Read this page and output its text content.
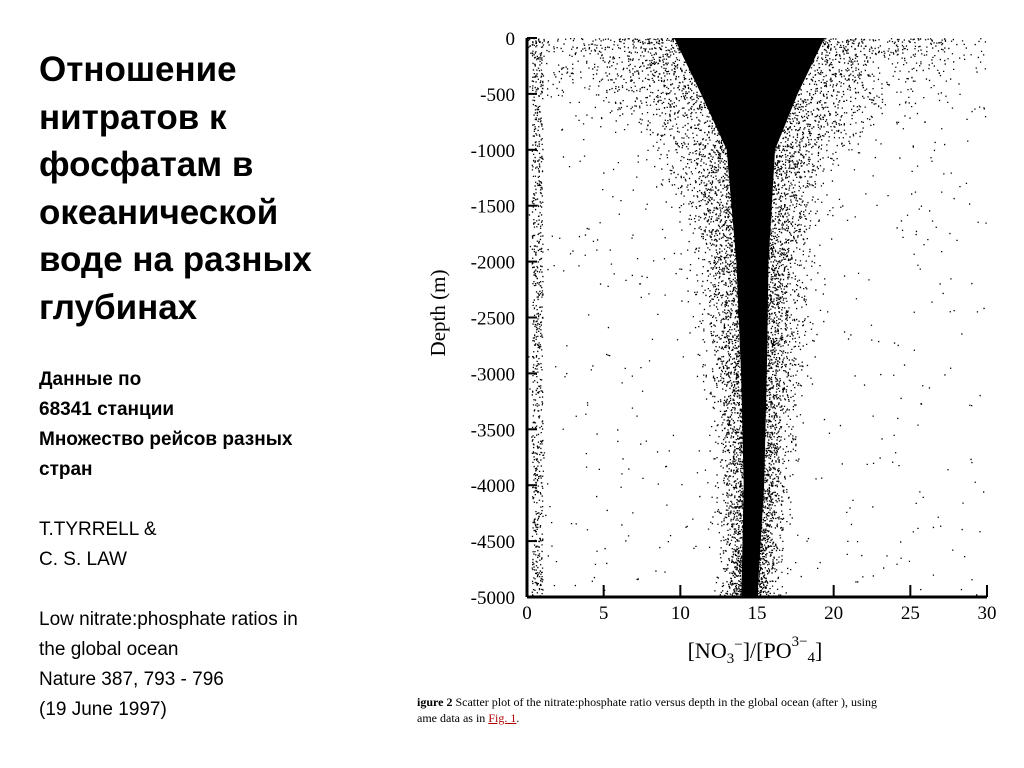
Отношение
нитратов к
фосфатам в
океанической
воде на разных
глубинах
Данные по
68341 станции
Множество рейсов разных
стран
T.TYRRELL &
C. S. LAW
Low nitrate:phosphate ratios in
the global ocean
Nature 387, 793 - 796
(19 June 1997)
0	5	10	15	20	25	30
0
-500
-1000
-1500
-2000
-2500
-3000
-3500
-4000
-4500
-5000
Depth (m)
$[NO_3^-]/[PO^{3-}_4]$
igure 2 Scatter plot of the nitrate:phosphate ratio versus depth in the global ocean (after ), using
ame data as in Fig. 1.
